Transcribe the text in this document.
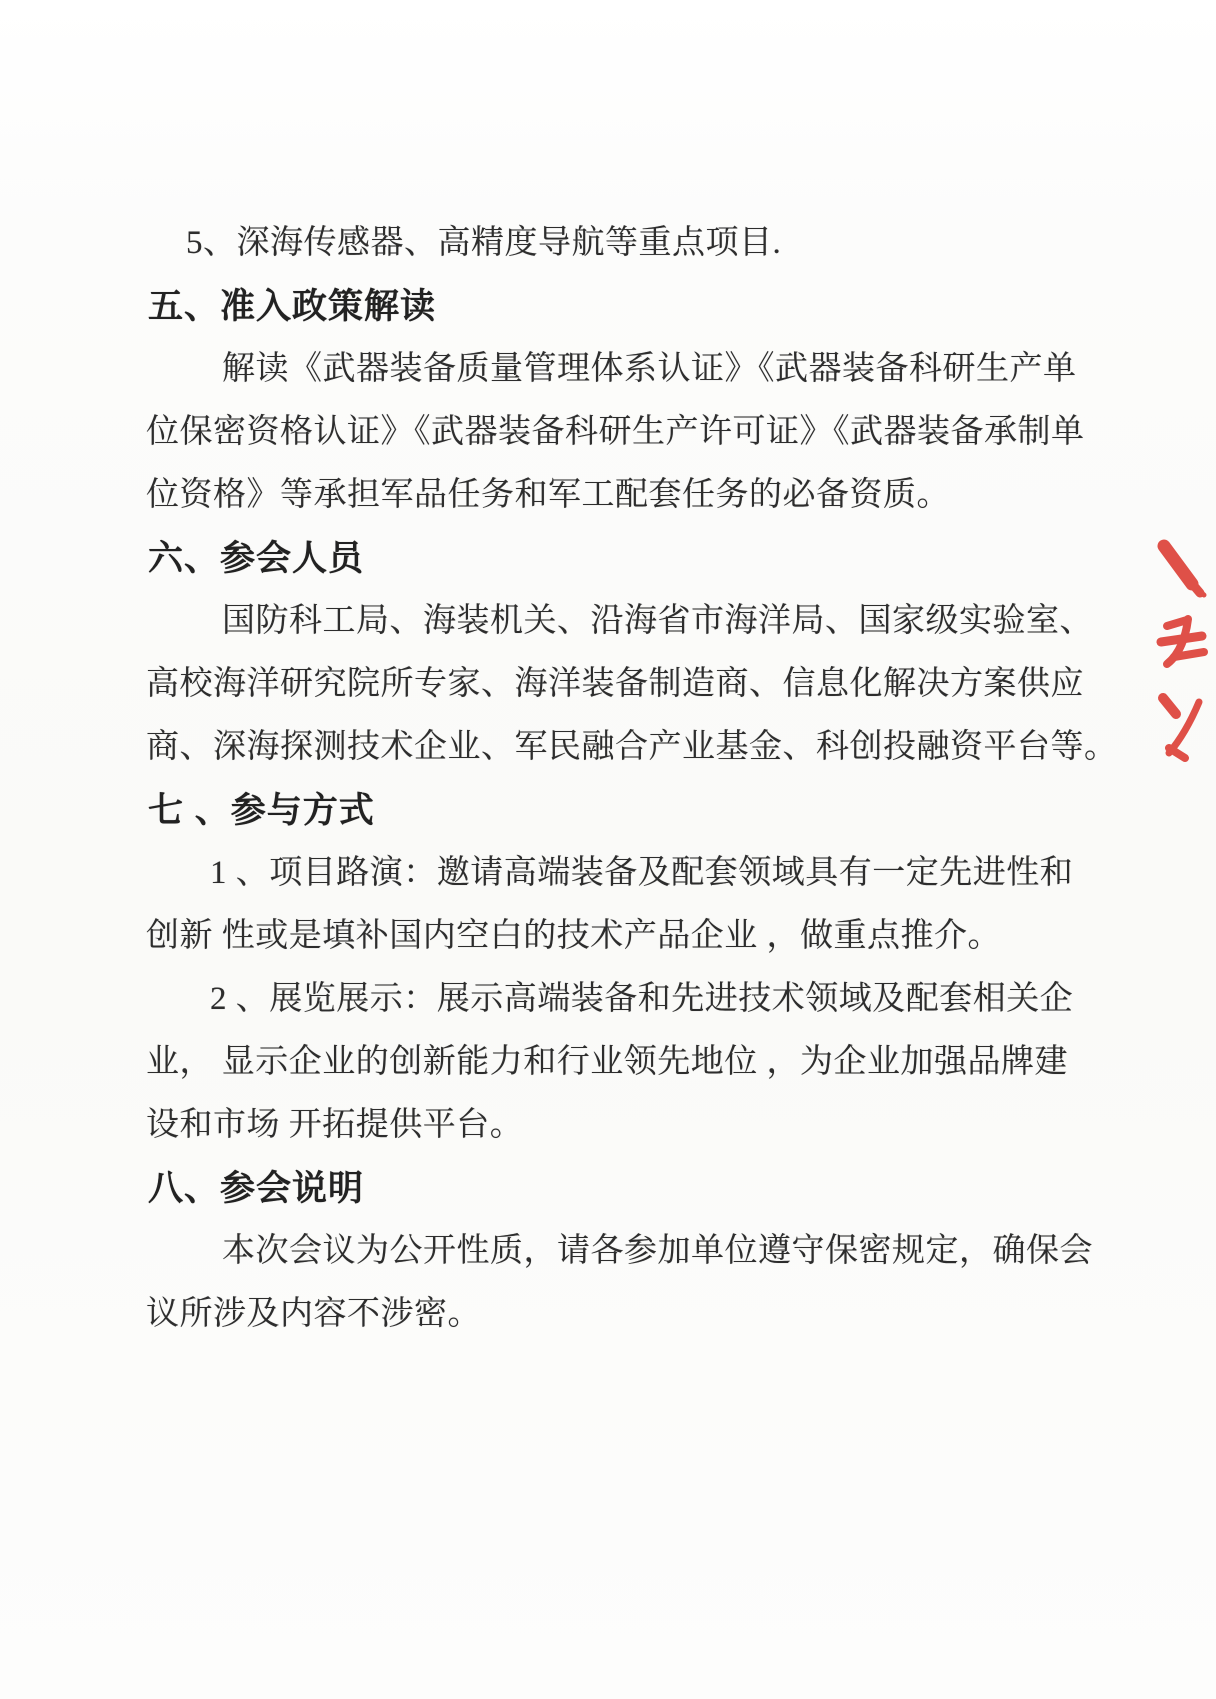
5、深海传感器、高精度导航等重点项目.
五、准入政策解读
解读《武器装备质量管理体系认证》《武器装备科研生产单
位保密资格认证》《武器装备科研生产许可证》《武器装备承制单
位资格》等承担军品任务和军工配套任务的必备资质。
六、参会人员
国防科工局、海装机关、沿海省市海洋局、国家级实验室、
高校海洋研究院所专家、海洋装备制造商、信息化解决方案供应
商、深海探测技术企业、军民融合产业基金、科创投融资平台等。
七 、参与方式
1 、项目路演：邀请高端装备及配套领域具有一定先进性和
创新 性或是填补国内空白的技术产品企业 ，做重点推介。
2 、展览展示：展示高端装备和先进技术领域及配套相关企
业， 显示企业的创新能力和行业领先地位 ，为企业加强品牌建
设和市场 开拓提供平台。
八、参会说明
本次会议为公开性质，请各参加单位遵守保密规定，确保会
议所涉及内容不涉密。
